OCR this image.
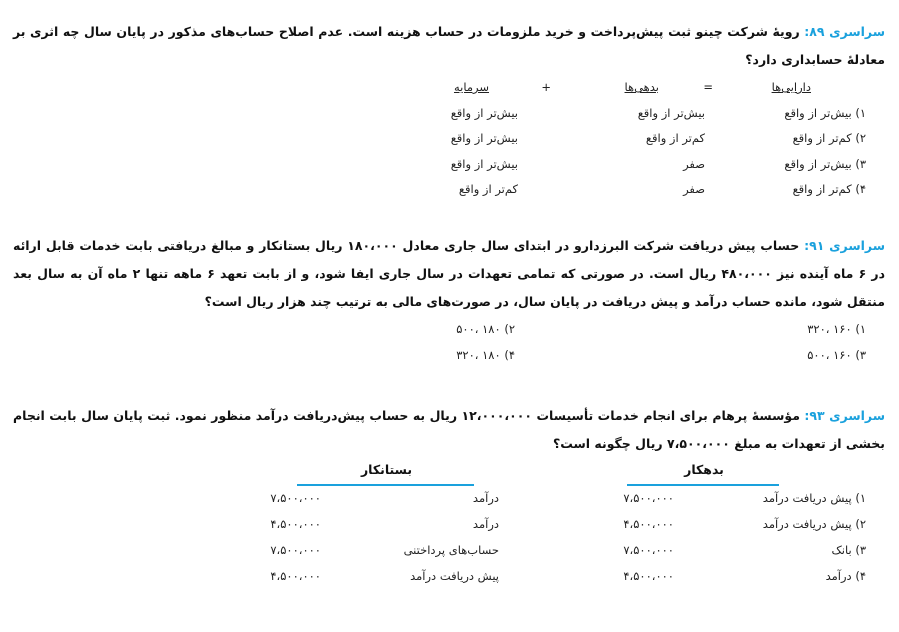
سراسری ۸۹: رویهٔ شرکت چینو ثبت پیش‌پرداخت و خرید ملزومات در حساب هزینه است. عدم اصلاح حساب‌های مذکور در پایان سال چه اثری بر معادلهٔ حسابداری دارد؟
دارایی‌ها
=
بدهی‌ها
+
سرمایه
۱) بیش‌تر از واقع
بیش‌تر از واقع
بیش‌تر از واقع
۲) کم‌تر از واقع
کم‌تر از واقع
بیش‌تر از واقع
۳) بیش‌تر از واقع
صفر
بیش‌تر از واقع
۴) کم‌تر از واقع
صفر
کم‌تر از واقع
سراسری ۹۱: حساب پیش دریافت شرکت البرزدارو در ابتدای سال جاری معادل ۱۸۰،۰۰۰ ریال بستانکار و مبالغ دریافتی بابت خدمات قابل ارائه در ۶ ماه آینده نیز ۴۸۰،۰۰۰ ریال است. در صورتی که تمامی تعهدات در سال جاری ایفا شود، و از بابت تعهد ۶ ماهه تنها ۲ ماه آن به سال بعد منتقل شود، مانده حساب درآمد و پیش دریافت در پایان سال، در صورت‌های مالی به ترتیب چند هزار ریال است؟
۱) ۱۶۰ ،۳۲۰
۲) ۱۸۰ ،۵۰۰
۳) ۱۶۰ ،۵۰۰
۴) ۱۸۰ ،۳۲۰
سراسری ۹۳: مؤسسهٔ پرهام برای انجام خدمات تأسیسات ۱۲،۰۰۰،۰۰۰ ریال به حساب پیش‌دریافت درآمد منظور نمود. ثبت پایان سال بابت انجام بخشی از تعهدات به مبلغ ۷،۵۰۰،۰۰۰ ریال چگونه است؟
بدهکار
بستانکار
۱) پیش دریافت درآمد
۷،۵۰۰،۰۰۰
درآمد
۷،۵۰۰،۰۰۰
۲) پیش دریافت درآمد
۴،۵۰۰،۰۰۰
درآمد
۴،۵۰۰،۰۰۰
۳) بانک
۷،۵۰۰،۰۰۰
حساب‌های پرداختنی
۷،۵۰۰،۰۰۰
۴) درآمد
۴،۵۰۰،۰۰۰
پیش دریافت درآمد
۴،۵۰۰،۰۰۰
